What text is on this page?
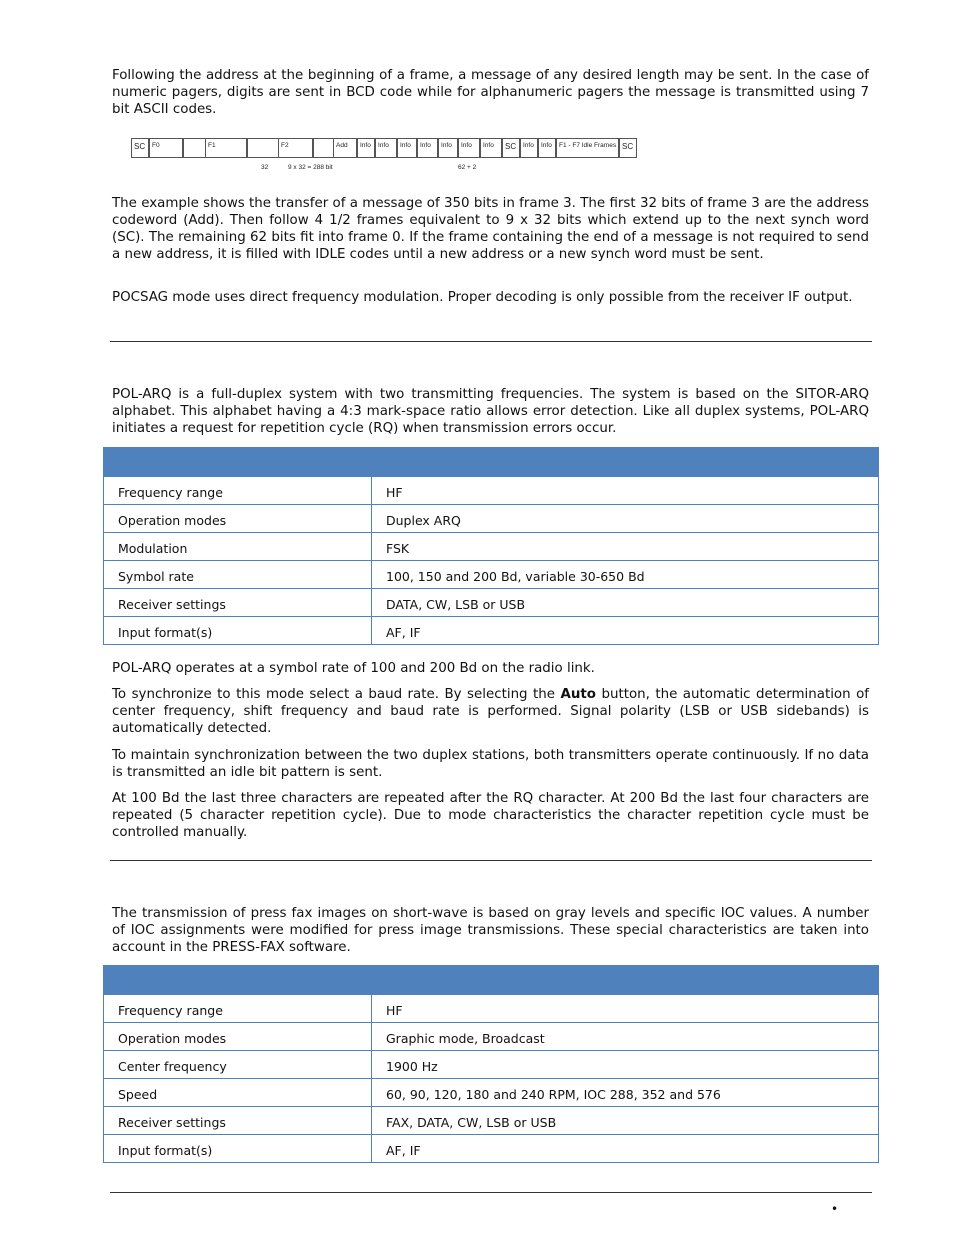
Following the address at the beginning of a frame, a message of any desired length may be sent. In the case of numeric pagers, digits are sent in BCD code while for alphanumeric pagers the message is transmitted using 7 bit ASCII codes.

SC	F0	F1	F2	Add	Info	Info	Info	Info	Info	Info	Info	SC	Info	Info	F1 - F7 Idle Frames SC
32	9 x 32 = 288 bit	62 + 2

The example shows the transfer of a message of 350 bits in frame 3. The first 32 bits of frame 3 are the address codeword (Add). Then follow 4 1/2 frames equivalent to 9 x 32 bits which extend up to the next synch word (SC). The remaining 62 bits fit into frame 0. If the frame containing the end of a message is not required to send a new address, it is filled with IDLE codes until a new address or a new synch word must be sent.

POCSAG mode uses direct frequency modulation. Proper decoding is only possible from the receiver IF output.

POL-ARQ is a full-duplex system with two transmitting frequencies. The system is based on the SITOR-ARQ alphabet. This alphabet having a 4:3 mark-space ratio allows error detection. Like all duplex systems, POL-ARQ initiates a request for repetition cycle (RQ) when transmission errors occur.

Frequency range	HF
Operation modes	Duplex ARQ
Modulation	FSK
Symbol rate	100, 150 and 200 Bd, variable 30-650 Bd
Receiver settings	DATA, CW, LSB or USB
Input format(s)	AF, IF

POL-ARQ operates at a symbol rate of 100 and 200 Bd on the radio link.

To synchronize to this mode select a baud rate. By selecting the Auto button, the automatic determination of center frequency, shift frequency and baud rate is performed. Signal polarity (LSB or USB sidebands) is automatically detected.

To maintain synchronization between the two duplex stations, both transmitters operate continuously. If no data is transmitted an idle bit pattern is sent.

At 100 Bd the last three characters are repeated after the RQ character. At 200 Bd the last four characters are repeated (5 character repetition cycle). Due to mode characteristics the character repetition cycle must be controlled manually.

The transmission of press fax images on short-wave is based on gray levels and specific IOC values. A number of IOC assignments were modified for press image transmissions. These special characteristics are taken into account in the PRESS-FAX software.

Frequency range	HF
Operation modes	Graphic mode, Broadcast
Center frequency	1900 Hz
Speed	60, 90, 120, 180 and 240 RPM, IOC 288, 352 and 576
Receiver settings	FAX, DATA, CW, LSB or USB
Input format(s)	AF, IF
•
